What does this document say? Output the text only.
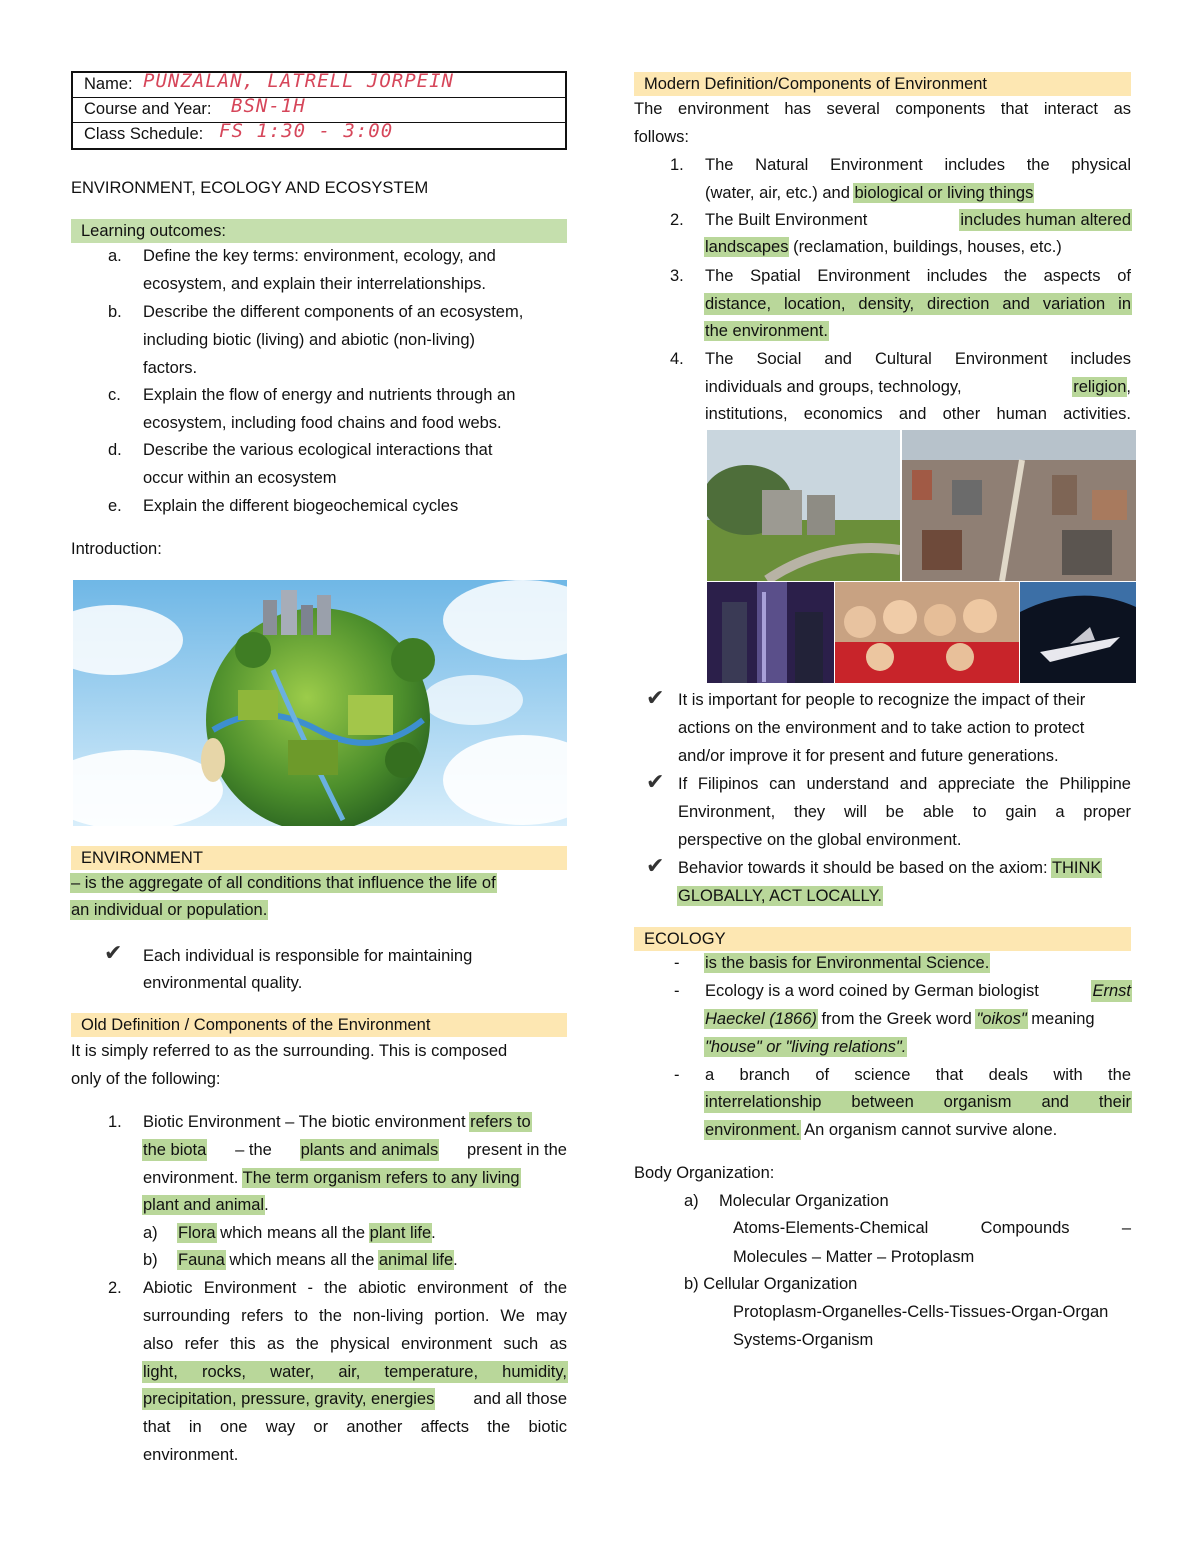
Name: PUNZALAN, LATRELL JORPEIN
Course and Year: BSN-1H
Class Schedule: FS 1:30 - 3:00
ENVIRONMENT, ECOLOGY AND ECOSYSTEM
Learning outcomes:
a. Define the key terms: environment, ecology, and
ecosystem, and explain their interrelationships.
b. Describe the different components of an ecosystem,
including biotic (living) and abiotic (non-living)
factors.
c. Explain the flow of energy and nutrients through an
ecosystem, including food chains and food webs.
d. Describe the various ecological interactions that
occur within an ecosystem
e. Explain the different biogeochemical cycles
Introduction:
ENVIRONMENT
– is the aggregate of all conditions that influence the life of
an individual or population.
✔ Each individual is responsible for maintaining
environmental quality.
Old Definition / Components of the Environment
It is simply referred to as the surrounding. This is composed
only of the following:
1. Biotic Environment – The biotic environment refers to
the biota – the plants and animals present in the
environment. The term organism refers to any living
plant and animal.
a) Flora which means all the plant life.
b) Fauna which means all the animal life.
2. Abiotic Environment - the abiotic environment of the
surrounding refers to the non-living portion. We may
also refer this as the physical environment such as
light, rocks, water, air, temperature, humidity,
precipitation, pressure, gravity, energies and all those
that in one way or another affects the biotic
environment.
Modern Definition/Components of Environment
The environment has several components that interact as
follows:
1. The Natural Environment includes the physical
(water, air, etc.) and biological or living things
2. The Built Environment	includes human altered
landscapes (reclamation, buildings, houses, etc.)
3. The Spatial Environment includes the aspects of
distance, location, density, direction and variation in
the environment.
4. The Social and Cultural Environment includes
individuals and groups, technology,	religion,
institutions, economics and other human activities.
✔ It is important for people to recognize the impact of their
actions on the environment and to take action to protect
and/or improve it for present and future generations.
✔ If Filipinos can understand and appreciate the Philippine
Environment, they will be able to gain a proper
perspective on the global environment.
✔ Behavior towards it should be based on the axiom: THINK
GLOBALLY, ACT LOCALLY.
ECOLOGY
- is the basis for Environmental Science.
- Ecology is a word coined by German biologist	Ernst
Haeckel (1866) from the Greek word "oikos" meaning
"house" or "living relations".
- a branch of science that deals with the
interrelationship between organism and their
environment. An organism cannot survive alone.
Body Organization:
a) Molecular Organization
Atoms-Elements-Chemical Compounds –
Molecules – Matter – Protoplasm
b) Cellular Organization
Protoplasm-Organelles-Cells-Tissues-Organ-Organ
Systems-Organism
